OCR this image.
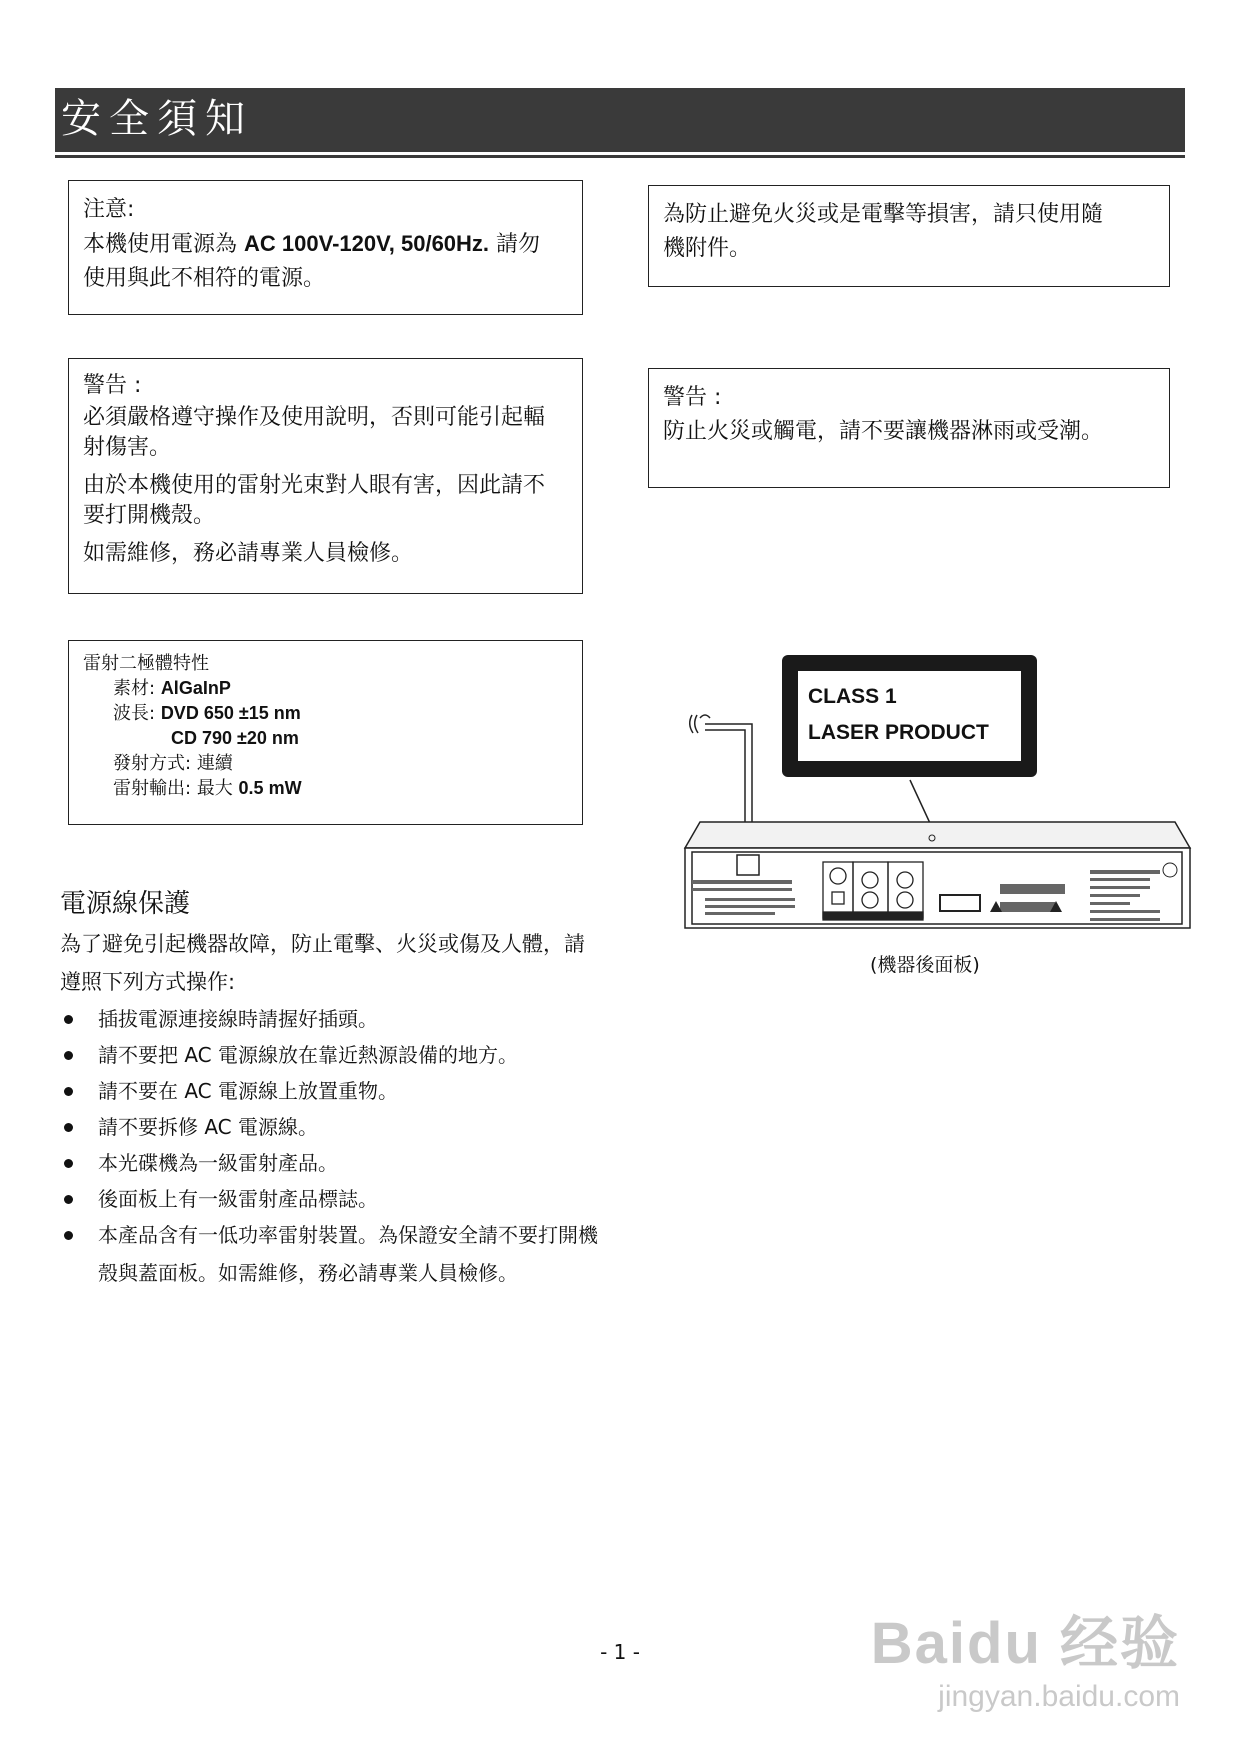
安全須知

注意:

本機使用電源為 AC 100V-120V, 50/60Hz. 請勿

使用與此不相符的電源。

為防止避免火災或是電擊等損害，請只使用隨

機附件。

警告 :

必須嚴格遵守操作及使用說明，否則可能引起輻

射傷害。

由於本機使用的雷射光束對人眼有害，因此請不

要打開機殼。

如需維修，務必請專業人員檢修。

警告 :

防止火災或觸電，請不要讓機器淋雨或受潮。

雷射二極體特性
素材: AlGaInP
波長: DVD 650 ±15 nm
CD 790 ±20 nm
發射方式: 連續
雷射輸出: 最大 0.5 mW
CLASS 1
LASER PRODUCT
(機器後面板)
電源線保護
為了避免引起機器故障，防止電擊、火災或傷及人體，請遵照下列方式操作:
插拔電源連接線時請握好插頭。
請不要把 AC 電源線放在靠近熱源設備的地方。
請不要在 AC 電源線上放置重物。
請不要拆修 AC 電源線。
本光碟機為一級雷射產品。
後面板上有一級雷射產品標誌。
本產品含有一低功率雷射裝置。為保證安全請不要打開機殼與蓋面板。如需維修，務必請專業人員檢修。
- 1 -	Baidu 经验
jingyan.baidu.com
